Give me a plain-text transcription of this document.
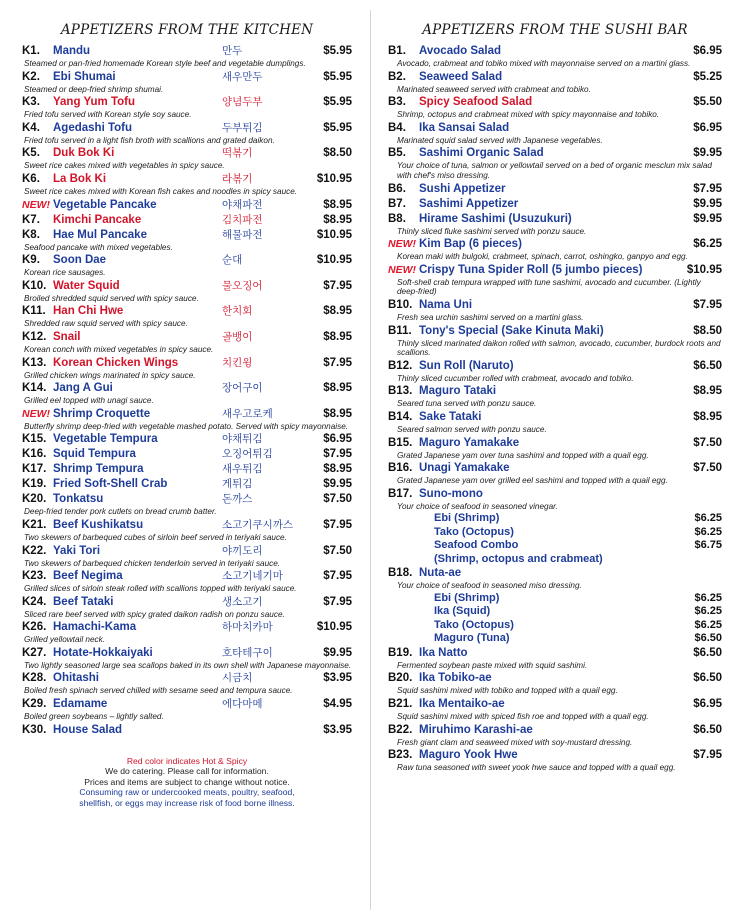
APPETIZERS FROM THE KITCHEN
K1.	Mandu	만두	$5.95
Steamed or pan-fried homemade Korean style beef and vegetable dumplings.
K2.	Ebi Shumai	새우만두	$5.95
Steamed or deep-fried shrimp shumai.
K3.	Yang Yum Tofu	양념두부	$5.95
Fried tofu served with Korean style soy sauce.
K4.	Agedashi Tofu	두부튀김	$5.95
Fried tofu served in a light fish broth with scallions and grated daikon.
K5.	Duk Bok Ki	떡볶기	$8.50
Sweet rice cakes mixed with vegetables in spicy sauce.
K6.	La Bok Ki	라볶기	$10.95
Sweet rice cakes mixed with Korean fish cakes and noodles in spicy sauce.
NEW! Vegetable Pancake	야채파전	$8.95
K7.	Kimchi Pancake	김치파전	$8.95
K8.	Hae Mul Pancake	해물파전	$10.95
Seafood pancake with mixed vegetables.
K9.	Soon Dae	순대	$10.95
Korean rice sausages.
K10. Water Squid	물오징어	$7.95
Broiled shredded squid served with spicy sauce.
K11. Han Chi Hwe	한치회	$8.95
Shredded raw squid served with spicy sauce.
K12. Snail	골뱅이	$8.95
Korean conch with mixed vegetables in spicy sauce.
K13. Korean Chicken Wings	치킨윙	$7.95
Grilled chicken wings marinated in spicy sauce.
K14. Jang A Gui	장어구이	$8.95
Grilled eel topped with unagi sauce.
NEW! Shrimp Croquette	새우고로케	$8.95
Butterfly shrimp deep-fried with vegetable mashed potato. Served with spicy mayonnaise.
K15. Vegetable Tempura	야채튀김	$6.95
K16. Squid Tempura	오징어튀김	$7.95
K17. Shrimp Tempura	새우튀김	$8.95
K19. Fried Soft-Shell Crab	게튀김	$9.95
K20. Tonkatsu	돈까스	$7.50
Deep-fried tender pork cutlets on bread crumb batter.
K21. Beef Kushikatsu	소고기쿠시까스	$7.95
Two skewers of barbequed cubes of sirloin beef served in teriyaki sauce.
K22. Yaki Tori	야끼도리	$7.50
Two skewers of barbequed chicken tenderloin served in teriyaki sauce.
K23. Beef Negima	소고기네기마	$7.95
Grilled slices of sirloin steak rolled with scallions topped with teriyaki sauce.
K24. Beef Tataki	생소고기	$7.95
Sliced rare beef served with spicy grated daikon radish on ponzu sauce.
K26. Hamachi-Kama	하마치카마	$10.95
Grilled yellowtail neck.
K27. Hotate-Hokkaiyaki	호타테구이	$9.95
Two lightly seasoned large sea scallops baked in its own shell with Japanese mayonnaise.
K28. Ohitashi	시금치	$3.95
Boiled fresh spinach served chilled with sesame seed and tempura sauce.
K29. Edamame	에다마메	$4.95
Boiled green soybeans – lightly salted.
K30. House Salad	$3.95
Red color indicates Hot & Spicy
We do catering. Please call for information.
Prices and items are subject to change without notice.
Consuming raw or undercooked meats, poultry, seafood,
shellfish, or eggs may increase risk of food borne illness.
APPETIZERS FROM THE SUSHI BAR
B1.	Avocado Salad	$6.95
Avocado, crabmeat and tobiko mixed with mayonnaise served on a martini glass.
B2.	Seaweed Salad	$5.25
Marinated seaweed served with crabmeat and tobiko.
B3.	Spicy Seafood Salad	$5.50
Shrimp, octopus and crabmeat mixed with spicy mayonnaise and tobiko.
B4.	Ika Sansai Salad	$6.95
Marinated squid salad served with Japanese vegetables.
B5.	Sashimi Organic Salad	$9.95
Your choice of tuna, salmon or yellowtail served on a bed of organic mesclun mix salad with chef's miso dressing.
B6.	Sushi Appetizer	$7.95
B7.	Sashimi Appetizer	$9.95
B8.	Hirame Sashimi (Usuzukuri)	$9.95
Thinly sliced fluke sashimi served with ponzu sauce.
NEW! Kim Bap (6 pieces)	$6.25
Korean maki with bulgoki, crabmeet, spinach, carrot, oshingko, ganpyo and egg.
NEW! Crispy Tuna Spider Roll (5 jumbo pieces)	$10.95
Soft-shell crab tempura wrapped with tune sashimi, avocado and cucumber. (Lightly deep-fried)
B10. Nama Uni	$7.95
Fresh sea urchin sashimi served on a martini glass.
B11. Tony's Special (Sake Kinuta Maki)	$8.50
Thinly sliced marinated daikon rolled with salmon, avocado, cucumber, burdock roots and scallions.
B12. Sun Roll (Naruto)	$6.50
Thinly sliced cucumber rolled with crabmeat, avocado and tobiko.
B13. Maguro Tataki	$8.95
Seared tuna served with ponzu sauce.
B14. Sake Tataki	$8.95
Seared salmon served with ponzu sauce.
B15. Maguro Yamakake	$7.50
Grated Japanese yam over tuna sashimi and topped with a quail egg.
B16. Unagi Yamakake	$7.50
Grated Japanese yam over grilled eel sashimi and topped with a quail egg.
B17. Suno-mono
Your choice of seafood in seasoned vinegar.
Ebi (Shrimp)	$6.25
Tako (Octopus)	$6.25
Seafood Combo	$6.75
(Shrimp, octopus and crabmeat)
B18. Nuta-ae
Your choice of seafood in seasoned miso dressing.
Ebi (Shrimp)	$6.25
Ika (Squid)	$6.25
Tako (Octopus)	$6.25
Maguro (Tuna)	$6.50
B19. Ika Natto	$6.50
Fermented soybean paste mixed with squid sashimi.
B20. Ika Tobiko-ae	$6.50
Squid sashimi mixed with tobiko and topped with a quail egg.
B21. Ika Mentaiko-ae	$6.95
Squid sashimi mixed with spiced fish roe and topped with a quail egg.
B22. Miruhimo Karashi-ae	$6.50
Fresh giant clam and seaweed mixed with soy-mustard dressing.
B23. Maguro Yook Hwe	$7.95
Raw tuna seasoned with sweet yook hwe sauce and topped with a quail egg.
